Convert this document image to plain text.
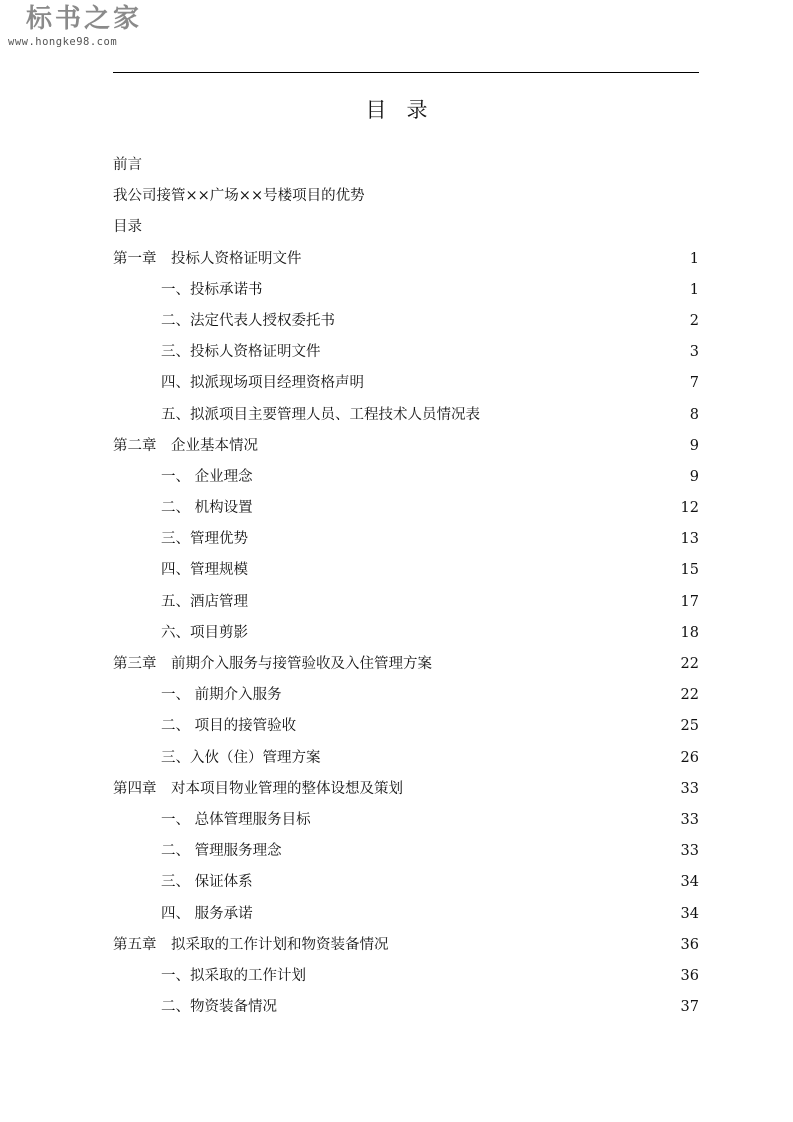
标书之家
www.hongke98.com
目录
前言
我公司接管××广场××号楼项目的优势
目录
第一章　投标人资格证明文件	1
一、投标承诺书	1
二、法定代表人授权委托书	2
三、投标人资格证明文件	3
四、拟派现场项目经理资格声明	7
五、拟派项目主要管理人员、工程技术人员情况表	8
第二章　企业基本情况	9
一、 企业理念	9
二、 机构设置	12
三、管理优势	13
四、管理规模	15
五、酒店管理	17
六、项目剪影	18
第三章　前期介入服务与接管验收及入住管理方案	22
一、 前期介入服务	22
二、 项目的接管验收	25
三、入伙（住）管理方案	26
第四章　对本项目物业管理的整体设想及策划	33
一、 总体管理服务目标	33
二、 管理服务理念	33
三、 保证体系	34
四、 服务承诺	34
第五章　拟采取的工作计划和物资装备情况	36
一、拟采取的工作计划	36
二、物资装备情况	37
